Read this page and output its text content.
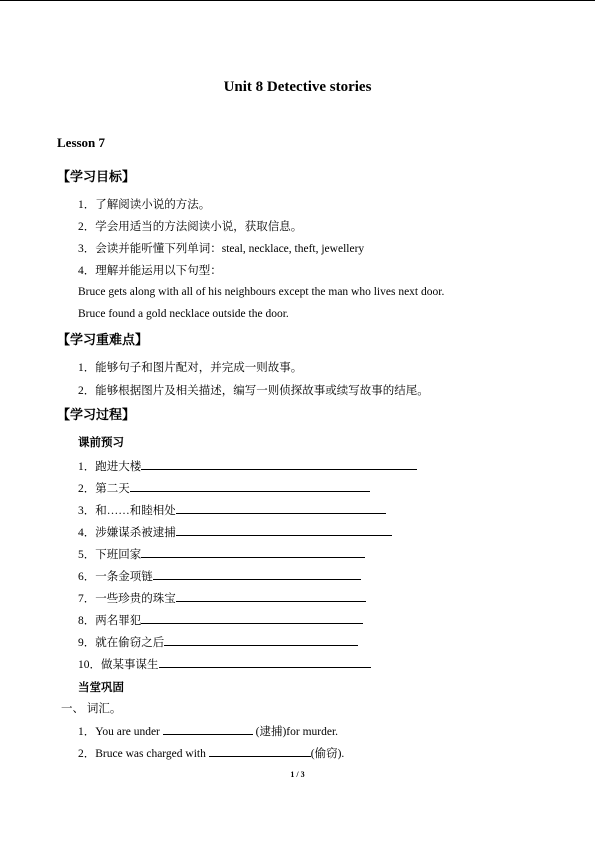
Unit 8 Detective stories
Lesson 7
【学习目标】
1．了解阅读小说的方法。
2．学会用适当的方法阅读小说，获取信息。
3．会读并能听懂下列单词：steal, necklace, theft, jewellery
4．理解并能运用以下句型：
Bruce gets along with all of his neighbours except the man who lives next door.
Bruce found a gold necklace outside the door.
【学习重难点】
1．能够句子和图片配对，并完成一则故事。
2．能够根据图片及相关描述，编写一则侦探故事或续写故事的结尾。
【学习过程】
课前预习
1．跑进大楼
2．第二天
3．和……和睦相处
4．涉嫌谋杀被逮捕
5．下班回家
6．一条金项链
7．一些珍贵的珠宝
8．两名罪犯
9．就在偷窃之后
10．做某事谋生
当堂巩固
一、 词汇。
1．You are under	(逮捕)for murder.
2．Bruce was charged with	(偷窃).
1 / 3
